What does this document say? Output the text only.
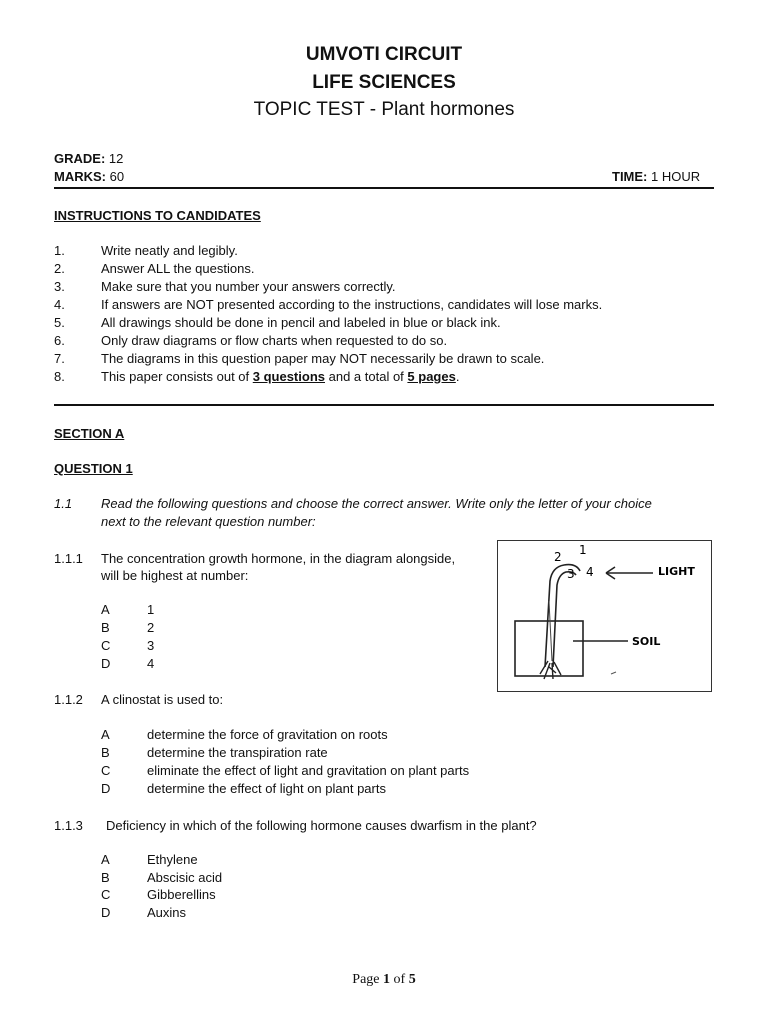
UMVOTI CIRCUIT
LIFE SCIENCES
TOPIC TEST - Plant hormones
GRADE: 12
MARKS: 60	TIME: 1 HOUR
INSTRUCTIONS TO CANDIDATES
1.	Write neatly and legibly.
2.	Answer ALL the questions.
3.	Make sure that you number your answers correctly.
4.	If answers are NOT presented according to the instructions, candidates will lose marks.
5.	All drawings should be done in pencil and labeled in blue or black ink.
6.	Only draw diagrams or flow charts when requested to do so.
7.	The diagrams in this question paper may NOT necessarily be drawn to scale.
8.	This paper consists out of 3 questions and a total of 5 pages.
SECTION A
QUESTION 1
1.1 Read the following questions and choose the correct answer. Write only the letter of your choice
next to the relevant question number:
1.1.1 The concentration growth hormone, in the diagram alongside,
will be highest at number:
A	1
B	2
C	3
D	4
2 1
3 4	LIGHT
SOIL
1.1.2 A clinostat is used to:
A	determine the force of gravitation on roots
B	determine the transpiration rate
C	eliminate the effect of light and gravitation on plant parts
D	determine the effect of light on plant parts
1.1.3 Deficiency in which of the following hormone causes dwarfism in the plant?
A	Ethylene
B	Abscisic acid
C	Gibberellins
D	Auxins
Page 1 of 5
